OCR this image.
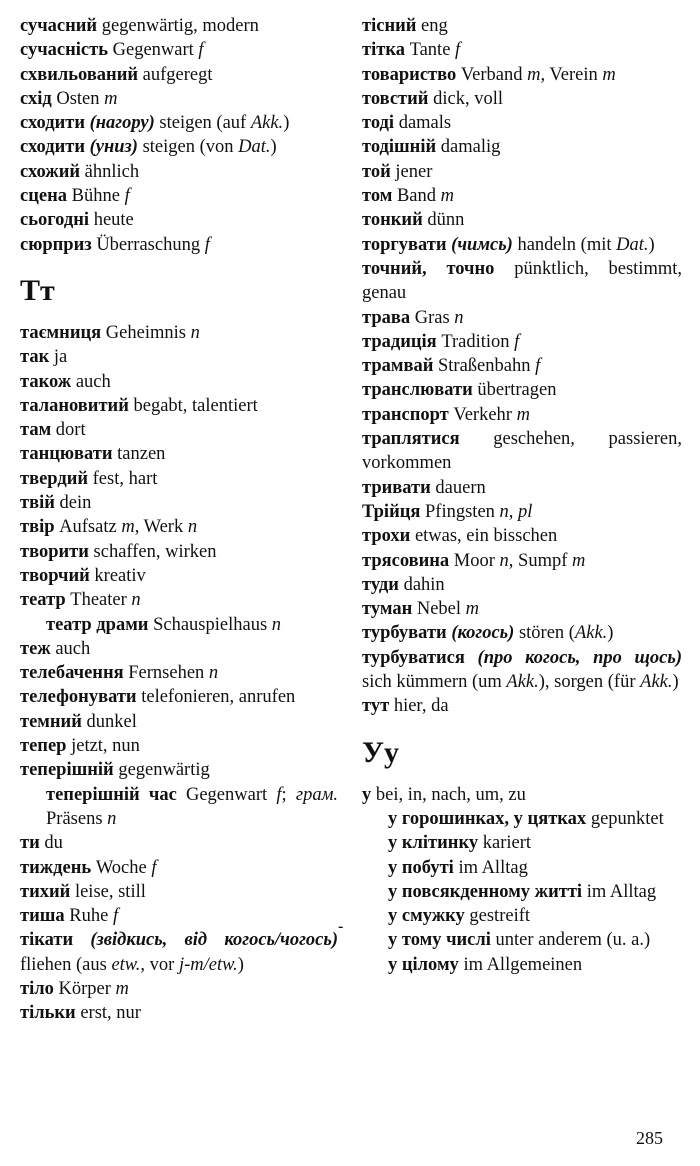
сучасний gegenwärtig, modern
сучасність Gegenwart f
схвильований aufgeregt
схід Osten m
сходити (нагору) steigen (auf Akk.)
сходити (униз) steigen (von Dat.)
схожий ähnlich
сцена Bühne f
сьогодні heute
сюрприз Überraschung f
Тт
таємниця Geheimnis n
так ja
також auch
талановитий begabt, talentiert
там dort
танцювати tanzen
твердий fest, hart
твій dein
твір Aufsatz m, Werk n
творити schaffen, wirken
творчий kreativ
театр Theater n
театр драми Schauspielhaus n
теж auch
телебачення Fernsehen n
телефонувати telefonieren, anrufen
темний dunkel
тепер jetzt, nun
теперішній gegenwärtig
теперішній час Gegenwart f; грам. Präsens n
ти du
тиждень Woche f
тихий leise, still
тиша Ruhe f
тікати (звідкись, від когось/чогось) fliehen (aus etw., vor j-m/etw.)
тіло Körper m
тільки erst, nur
тісний eng
тітка Tante f
товариство Verband m, Verein m
товстий dick, voll
тоді damals
тодішній damalig
той jener
том Band m
тонкий dünn
торгувати (чимсь) handeln (mit Dat.)
точний, точно pünktlich, bestimmt, genau
трава Gras n
традиція Tradition f
трамвай Straßenbahn f
транслювати übertragen
транспорт Verkehr m
траплятися geschehen, passieren, vorkommen
тривати dauern
Трійця Pfingsten n, pl
трохи etwas, ein bisschen
трясовина Moor n, Sumpf m
туди dahin
туман Nebel m
турбувати (когось) stören (Akk.)
турбуватися (про когось, про щось) sich kümmern (um Akk.), sorgen (für Akk.)
тут hier, da
Уу
у bei, in, nach, um, zu
у горошинках, у цятках gepunktet
у клітинку kariert
у побуті im Alltag
у повсякденному житті im Alltag
у смужку gestreift
у тому числі unter anderem (u. a.)
у цілому im Allgemeinen
-
285
